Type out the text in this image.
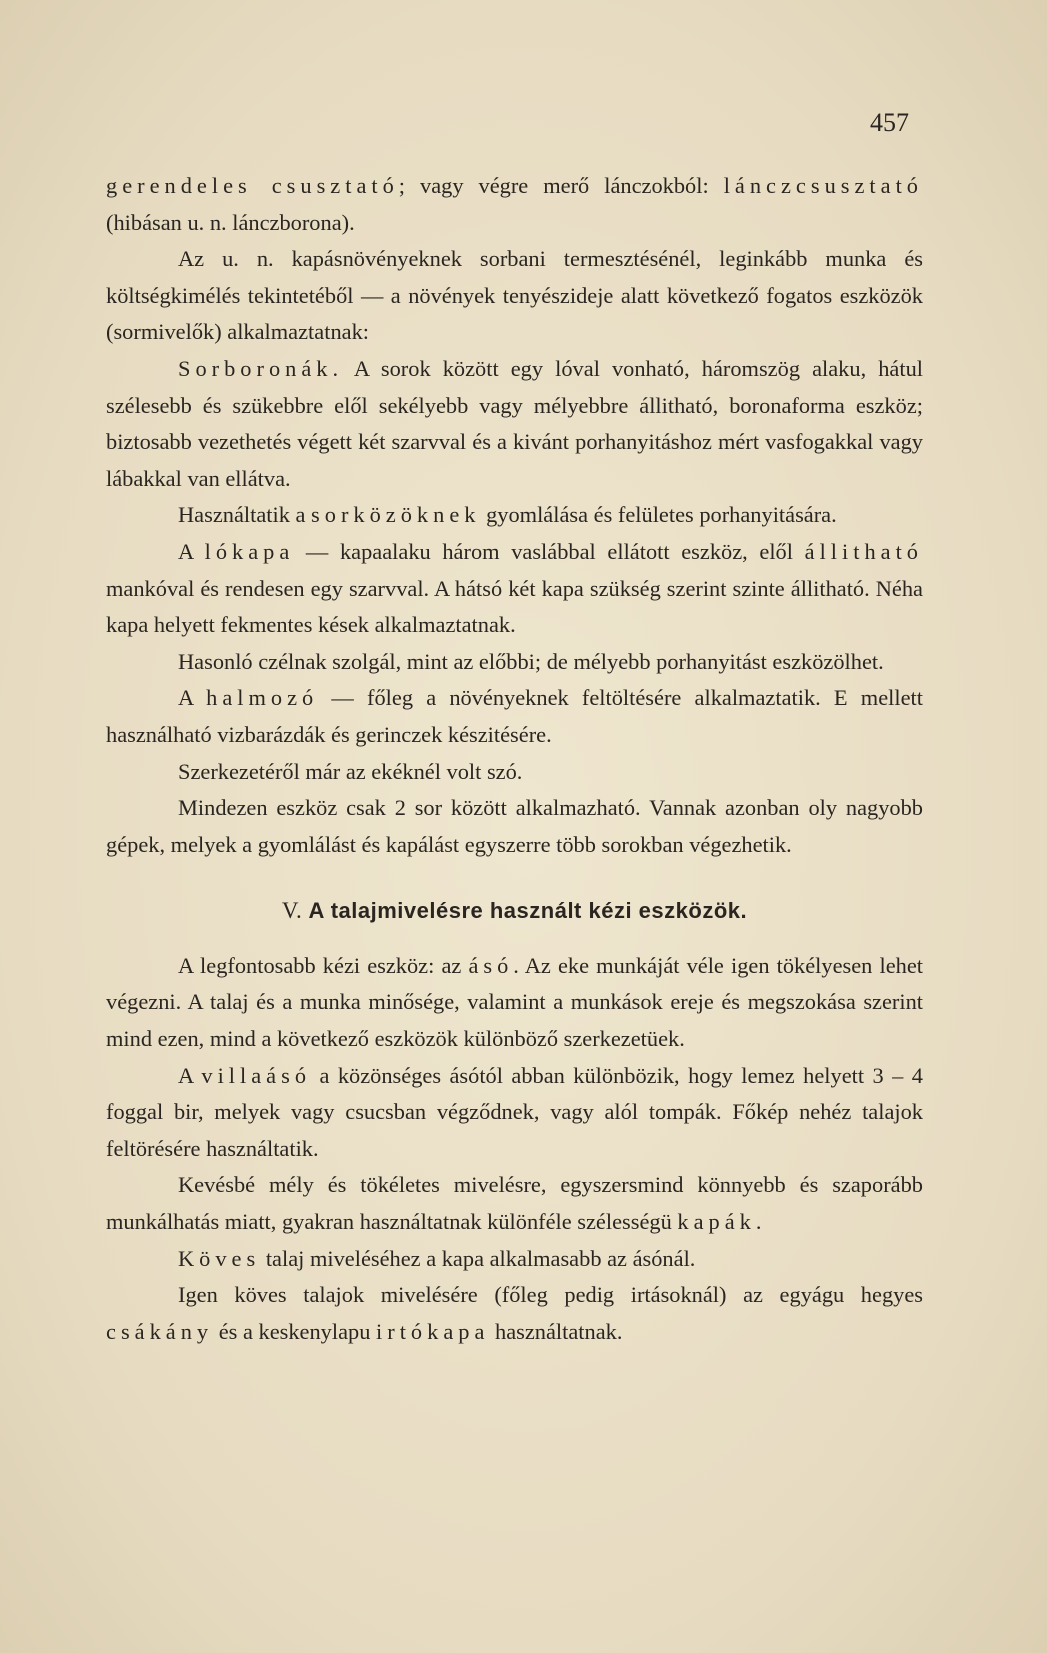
457

gerendeles csusztató; vagy végre merő lánczokból: lánczcsusztató (hibásan u. n. lánczborona).

Az u. n. kapásnövényeknek sorbani termesztésénél, leginkább munka és költségkimélés tekintetéből — a növények tenyészideje alatt következő fogatos eszközök (sormivelők) alkalmaztatnak:

Sorboronák. A sorok között egy lóval vonható, háromszög alaku, hátul szélesebb és szükebbre elől sekélyebb vagy mélyebbre állitható, boronaforma eszköz; biztosabb vezethetés végett két szarvval és a kivánt porhanyitáshoz mért vasfogakkal vagy lábakkal van ellátva.

Használtatik a sorközöknek gyomlálása és felületes porhanyitására.

A lókapa — kapaalaku három vaslábbal ellátott eszköz, elől állitható mankóval és rendesen egy szarvval. A hátsó két kapa szükség szerint szinte állitható. Néha kapa helyett fekmentes kések alkalmaztatnak.

Hasonló czélnak szolgál, mint az előbbi; de mélyebb porhanyitást eszközölhet.

A halmozó — főleg a növényeknek feltöltésére alkalmaztatik. E mellett használható vizbarázdák és gerinczek készitésére.

Szerkezetéről már az ekéknél volt szó.

Mindezen eszköz csak 2 sor között alkalmazható. Vannak azonban oly nagyobb gépek, melyek a gyomlálást és kapálást egyszerre több sorokban végezhetik.

V. A talajmivelésre használt kézi eszközök.

A legfontosabb kézi eszköz: az ásó. Az eke munkáját véle igen tökélyesen lehet végezni. A talaj és a munka minősége, valamint a munkások ereje és megszokása szerint mind ezen, mind a következő eszközök különböző szerkezetüek.

A villaásó a közönséges ásótól abban különbözik, hogy lemez helyett 3 – 4 foggal bir, melyek vagy csucsban végződnek, vagy alól tompák. Főkép nehéz talajok feltörésére használtatik.

Kevésbé mély és tökéletes mivelésre, egyszersmind könnyebb és szaporább munkálhatás miatt, gyakran használtatnak különféle szélességü kapák.

Köves talaj miveléséhez a kapa alkalmasabb az ásónál.

Igen köves talajok mivelésére (főleg pedig irtásoknál) az egyágu hegyes csákány és a keskenylapu irtókapa használtatnak.
